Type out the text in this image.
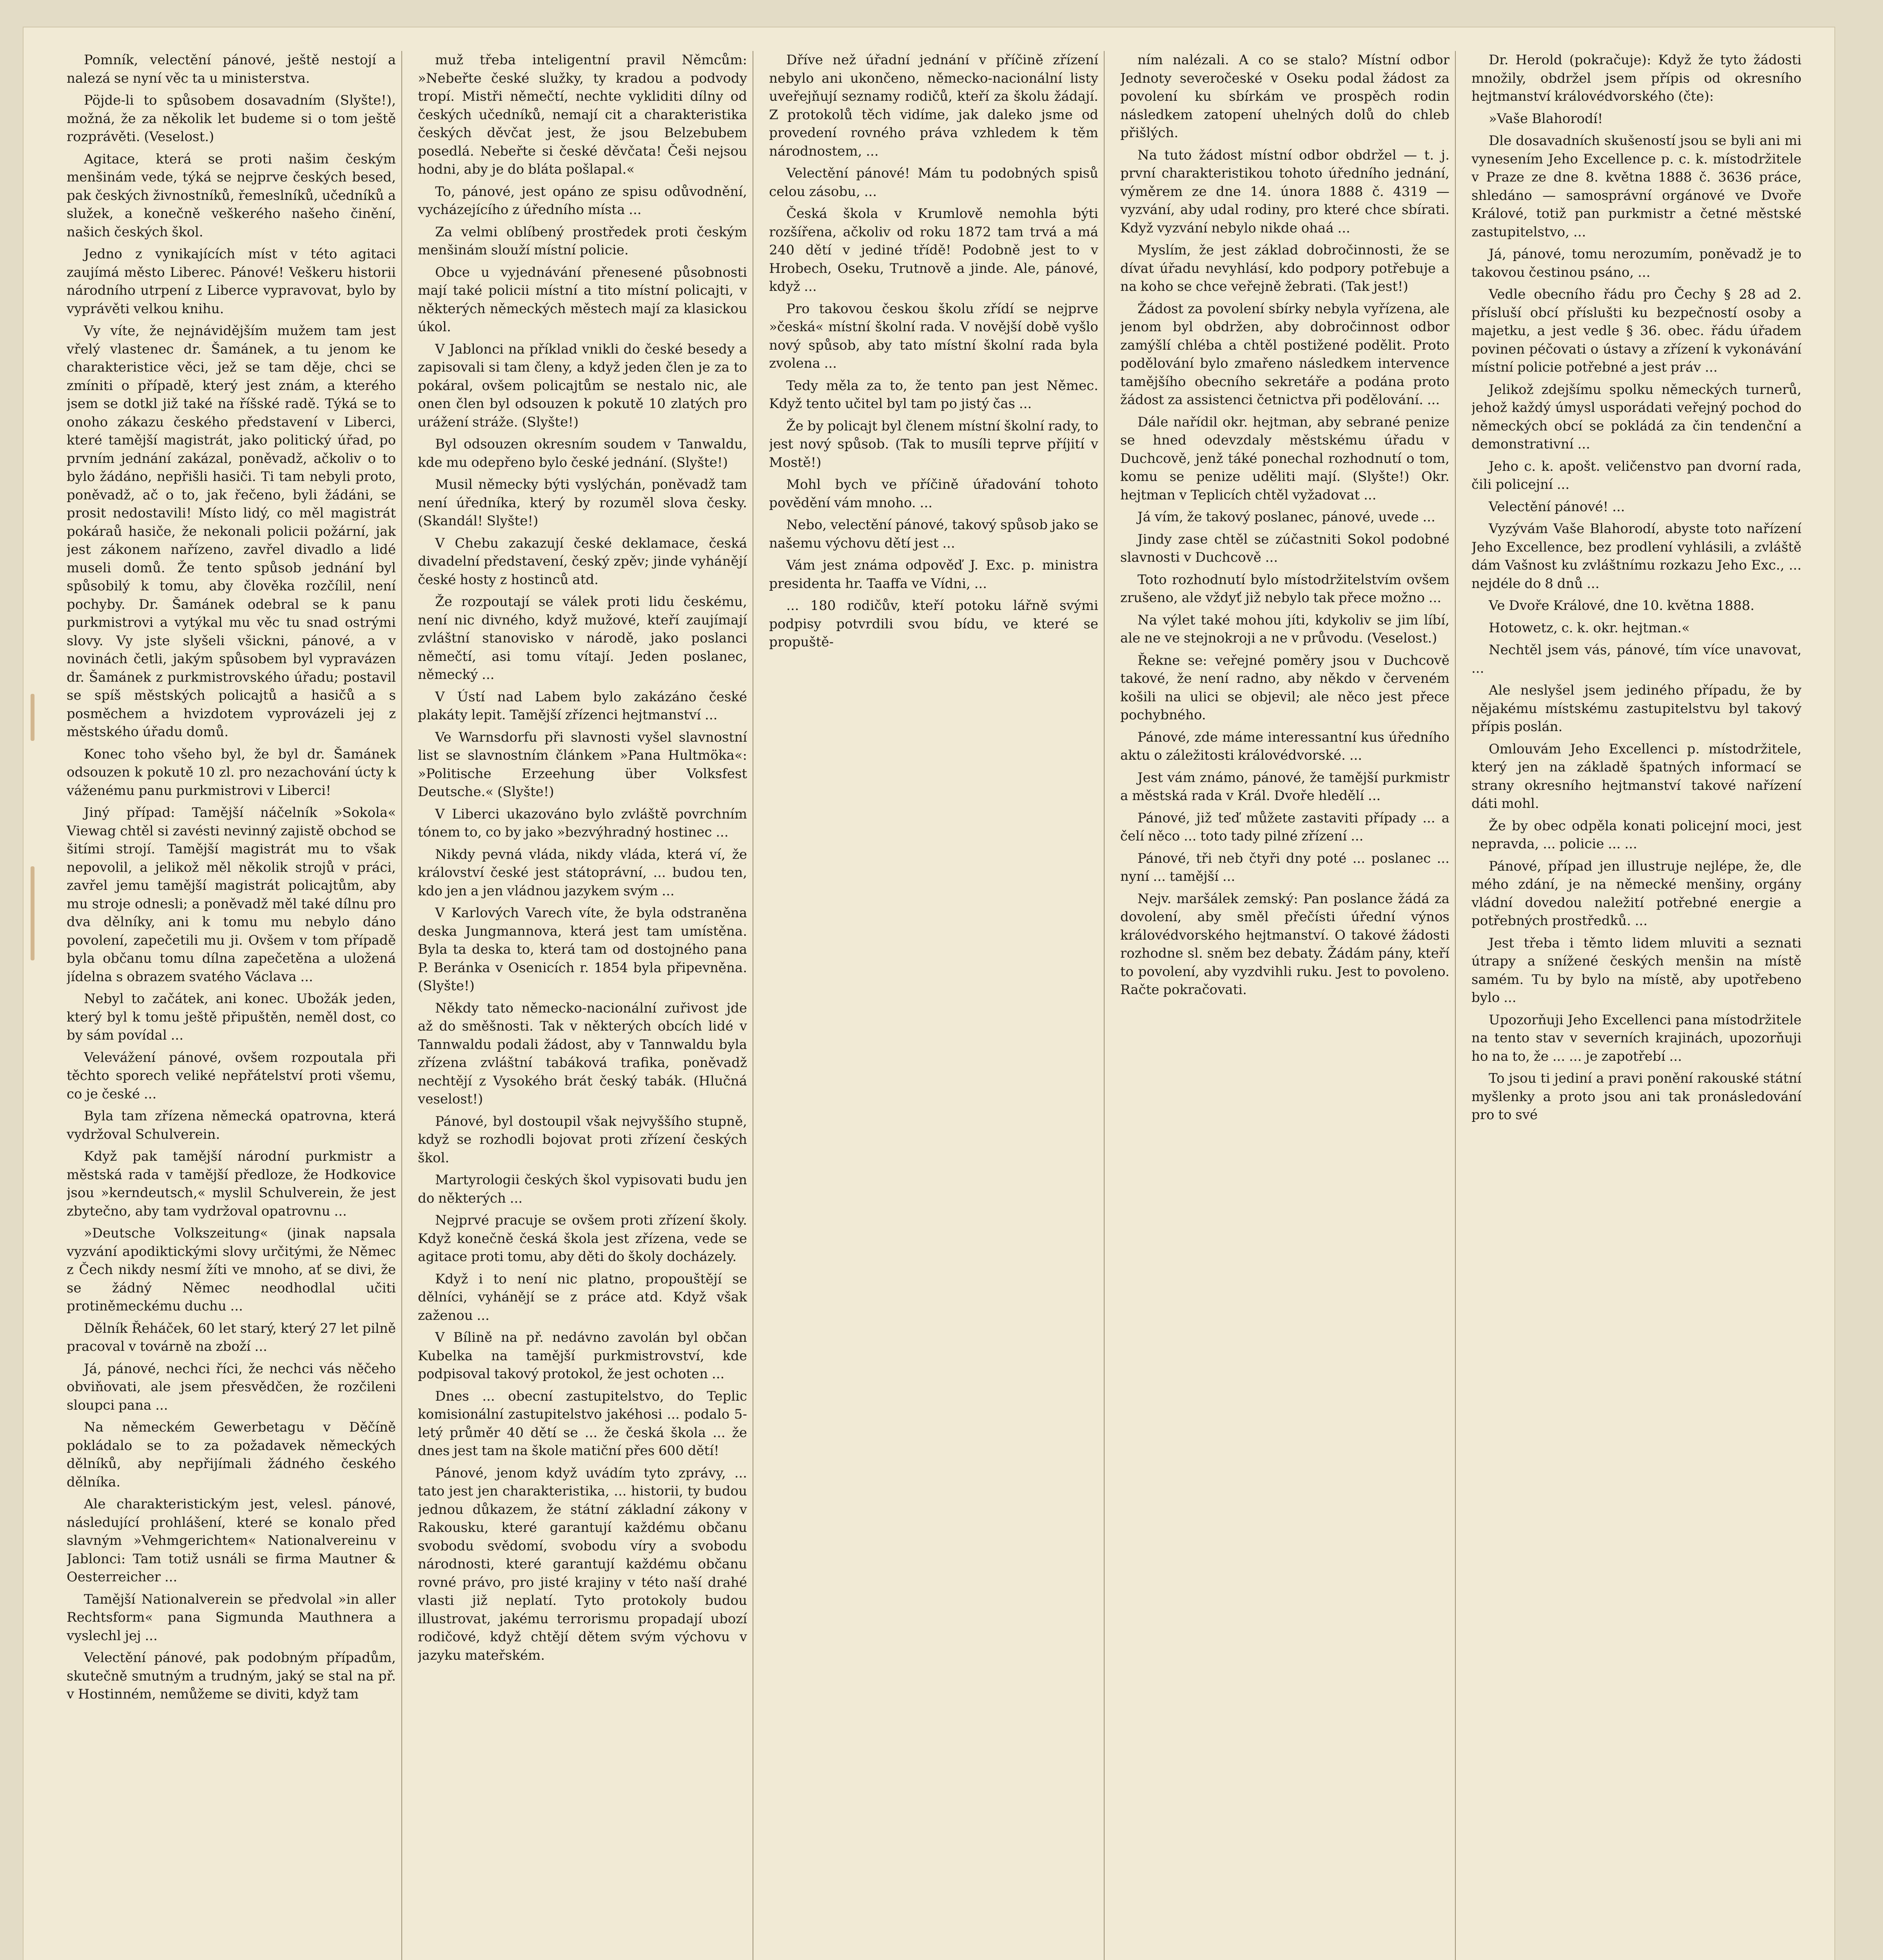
Pomník, velectění pánové, ještě nestojí a nalezá se nyní věc ta u ministerstva.

Pöjde-li to spůsobem dosavadním (Slyšte!), možná, že za několik let budeme si o tom ještě rozprávěti. (Veselost.)

Agitace, která se proti našim českým menšinám vede, týká se nejprve českých besed, pak českých živnostníků, řemeslníků, učedníků a služek, a konečně veškerého našeho činění, našich českých škol.

Jedno z vynikajících míst v této agitaci zaujímá město Liberec. Pánové! Veškeru historii národního utrpení z Liberce vypravovat, bylo by vyprávěti velkou knihu.

Vy víte, že nejnávidějším mužem tam jest vřelý vlastenec dr. Šamánek, a tu jenom ke charakteristice věci, jež se tam děje, chci se zmíniti o případě, který jest znám, a kterého jsem se dotkl již také na říšské radě. Týká se to onoho zákazu českého představení v Liberci, které tamější magistrát, jako politický úřad, po prvním jednání zakázal, poněvadž, ačkoliv o to bylo žádáno, nepřišli hasiči. Ti tam nebyli proto, poněvadž, ač o to, jak řečeno, byli žádáni, se prosit nedostavili! Místo lidý, co měl magistrát pokáraů hasiče, že nekonali policii požární, jak jest zákonem nařízeno, zavřel divadlo a lidé museli domů. Že tento spůsob jednání byl spůsobilý k tomu, aby člověka rozčílil, není pochyby. Dr. Šamánek odebral se k panu purkmistrovi a vytýkal mu věc tu snad ostrými slovy. Vy jste slyšeli všickni, pánové, a v novinách četli, jakým spůsobem byl vypravázen dr. Šamánek z purkmistrovského úřadu; postavil se spíš městských policajtů a hasičů a s posměchem a hvizdotem vyprovázeli jej z městského úřadu domů.

Konec toho všeho byl, že byl dr. Šamánek odsouzen k pokutě 10 zl. pro nezachování úcty k váženému panu purkmistrovi v Liberci!

Jiný případ: Tamější náčelník »Sokola« Viewag chtěl si zavésti nevinný zajistě obchod se šitími strojí. Tamější magistrát mu to však nepovolil, a jelikož měl několik strojů v práci, zavřel jemu tamější magistrát policajtům, aby mu stroje odnesli; a poněvadž měl také dílnu pro dva dělníky, ani k tomu mu nebylo dáno povolení, zapečetili mu ji. Ovšem v tom případě byla občanu tomu dílna zapečetěna a uložená jídelna s obrazem svatého Václava ...

Nebyl to začátek, ani konec. Ubožák jeden, který byl k tomu ještě připuštěn, neměl dost, co by sám povídal ...

Velevážení pánové, ovšem rozpoutala při těchto sporech veliké nepřátelství proti všemu, co je české ...

Byla tam zřízena německá opatrovna, která vydržoval Schulverein.

Když pak tamější národní purkmistr a městská rada v tamější předloze, že Hodkovice jsou »kerndeutsch,« myslil Schulverein, že jest zbytečno, aby tam vydržoval opatrovnu ...

»Deutsche Volkszeitung« (jinak napsala vyzvání apodiktickými slovy určitými, že Němec z Čech nikdy nesmí žíti ve mnoho, ať se divi, že se žádný Němec neodhodlal učiti protiněmeckému duchu ...

Dělník Řeháček, 60 let starý, který 27 let pilně pracoval v továrně na zboží ...

Já, pánové, nechci říci, že nechci vás něčeho obviňovati, ale jsem přesvědčen, že rozčileni sloupci pana ...

Na německém Gewerbetagu v Děčíně pokládalo se to za požadavek německých dělníků, aby nepřijímali žádného českého dělníka.

Ale charakteristickým jest, velesl. pánové, následující prohlášení, které se konalo před slavným »Vehmgerichtem« Nationalvereinu v Jablonci: Tam totiž usnáli se firma Mautner & Oesterreicher ...

Tamější Nationalverein se předvolal »in aller Rechtsform« pana Sigmunda Mauthnera a vyslechl jej ...

Velectění pánové, pak podobným případům, skutečně smutným a trudným, jaký se stal na př. v Hostinném, nemůžeme se diviti, když tam

muž třeba inteligentní pravil Němcům: »Nebeřte české služky, ty kradou a podvody tropí. Mistři němečtí, nechte vykliditi dílny od českých učedníků, nemají cit a charakteristika českých děvčat jest, že jsou Belzebubem posedlá. Nebeřte si české děvčata! Češi nejsou hodni, aby je do bláta pošlapal.«

To, pánové, jest opáno ze spisu odůvodnění, vycházejícího z úředního místa ...

Za velmi oblíbený prostředek proti českým menšinám slouží místní policie.

Obce u vyjednávání přenesené působnosti mají také policii místní a tito místní policajti, v některých německých městech mají za klasickou úkol.

V Jablonci na příklad vnikli do české besedy a zapisovali si tam členy, a když jeden člen je za to pokáral, ovšem policajtům se nestalo nic, ale onen člen byl odsouzen k pokutě 10 zlatých pro urážení stráže. (Slyšte!)

Byl odsouzen okresním soudem v Tanwaldu, kde mu odepřeno bylo české jednání. (Slyšte!)

Musil německy býti vyslýchán, poněvadž tam není úředníka, který by rozuměl slova česky. (Skandál! Slyšte!)

V Chebu zakazují české deklamace, česká divadelní představení, český zpěv; jinde vyhánějí české hosty z hostinců atd.

Že rozpoutají se válek proti lidu českému, není nic divného, když mužové, kteří zaujímají zvláštní stanovisko v národě, jako poslanci němečtí, asi tomu vítají. Jeden poslanec, německý ...

V Ústí nad Labem bylo zakázáno české plakáty lepit. Tamější zřízenci hejtmanství ...

Ve Warnsdorfu při slavnosti vyšel slavnostní list se slavnostním článkem »Pana Hultmöka«: »Politische Erzeehung über Volksfest Deutsche.« (Slyšte!)

V Liberci ukazováno bylo zvláště povrchním tónem to, co by jako »bezvýhradný hostinec ...

Nikdy pevná vláda, nikdy vláda, která ví, že království české jest státoprávní, ... budou ten, kdo jen a jen vládnou jazykem svým ...

V Karlových Varech víte, že byla odstraněna deska Jungmannova, která jest tam umístěna. Byla ta deska to, která tam od dostojného pana P. Beránka v Osenicích r. 1854 byla připevněna. (Slyšte!)

Někdy tato německo-nacionální zuřivost jde až do směšnosti. Tak v některých obcích lidé v Tannwaldu podali žádost, aby v Tannwaldu byla zřízena zvláštní tabáková trafika, poněvadž nechtějí z Vysokého brát český tabák. (Hlučná veselost!)

Pánové, byl dostoupil však nejvyššího stupně, když se rozhodli bojovat proti zřízení českých škol.

Martyrologii českých škol vypisovati budu jen do některých ...

Nejprvé pracuje se ovšem proti zřízení školy. Když konečně česká škola jest zřízena, vede se agitace proti tomu, aby děti do školy docházely.

Když i to není nic platno, propouštějí se dělníci, vyhánějí se z práce atd. Když však zaženou ...

V Bílině na př. nedávno zavolán byl občan Kubelka na tamější purkmistrovství, kde podpisoval takový protokol, že jest ochoten ...

Dnes ... obecní zastupitelstvo, do Teplic komisionální zastupitelstvo jakéhosi ... podalo 5-letý průměr 40 dětí se ... že česká škola ... že dnes jest tam na škole matiční přes 600 dětí!

Pánové, jenom když uvádím tyto zprávy, ... tato jest jen charakteristika, ... historii, ty budou jednou důkazem, že státní základní zákony v Rakousku, které garantují každému občanu svobodu svědomí, svobodu víry a svobodu národnosti, které garantují každému občanu rovné právo, pro jisté krajiny v této naší drahé vlasti již neplatí. Tyto protokoly budou illustrovat, jakému terrorismu propadají ubozí rodičové, když chtějí dětem svým výchovu v jazyku mateřském.

Dříve než úřadní jednání v příčině zřízení nebylo ani ukončeno, německo-nacionální listy uveřejňují seznamy rodičů, kteří za školu žádají. Z protokolů těch vidíme, jak daleko jsme od provedení rovného práva vzhledem k těm národnostem, ...

Velectění pánové! Mám tu podobných spisů celou zásobu, ...

Česká škola v Krumlově nemohla býti rozšířena, ačkoliv od roku 1872 tam trvá a má 240 dětí v jediné třídě! Podobně jest to v Hrobech, Oseku, Trutnově a jinde. Ale, pánové, když ...

Pro takovou českou školu zřídí se nejprve »česká« místní školní rada. V novější době vyšlo nový spůsob, aby tato místní školní rada byla zvolena ...

Tedy měla za to, že tento pan jest Němec. Když tento učitel byl tam po jistý čas ...

Že by policajt byl členem místní školní rady, to jest nový spůsob. (Tak to musíli teprve příjití v Mostě!)

Mohl bych ve příčině úřadování tohoto povědění vám mnoho. ...

Nebo, velectění pánové, takový spůsob jako se našemu výchovu dětí jest ...

Vám jest známa odpověď J. Exc. p. ministra presidenta hr. Taaffa ve Vídni, ...

... 180 rodičův, kteří potoku lářně svými podpisy potvrdili svou bídu, ve které se propuště-

ním nalézali. A co se stalo? Místní odbor Jednoty severočeské v Oseku podal žádost za povolení ku sbírkám ve prospěch rodin následkem zatopení uhelných dolů do chleb přišlých.

Na tuto žádost místní odbor obdržel — t. j. první charakteristikou tohoto úředního jednání, výměrem ze dne 14. února 1888 č. 4319 — vyzvání, aby udal rodiny, pro které chce sbírati. Když vyzvání nebylo nikde ohaá ...

Myslím, že jest základ dobročinnosti, že se dívat úřadu nevyhlásí, kdo podpory potřebuje a na koho se chce veřejně žebrati. (Tak jest!)

Žádost za povolení sbírky nebyla vyřízena, ale jenom byl obdržen, aby dobročinnost odbor zamýšlí chléba a chtěl postižené podělit. Proto podělování bylo zmařeno následkem intervence tamějšího obecního sekretáře a podána proto žádost za assistenci četnictva při podělování. ...

Dále nařídil okr. hejtman, aby sebrané penize se hned odevzdaly městskému úřadu v Duchcově, jenž táké ponechal rozhodnutí o tom, komu se penize uděliti mají. (Slyšte!) Okr. hejtman v Teplicích chtěl vyžadovat ...

Já vím, že takový poslanec, pánové, uvede ...

Jindy zase chtěl se zúčastniti Sokol podobné slavnosti v Duchcově ...

Toto rozhodnutí bylo místodržitelstvím ovšem zrušeno, ale vždyť již nebylo tak přece možno ...

Na výlet také mohou jíti, kdykoliv se jim líbí, ale ne ve stejnokroji a ne v průvodu. (Veselost.)

Řekne se: veřejné poměry jsou v Duchcově takové, že není radno, aby někdo v červeném košili na ulici se objevil; ale něco jest přece pochybného.

Pánové, zde máme interessantní kus úředního aktu o záležitosti královédvorské. ...

Jest vám známo, pánové, že tamější purkmistr a městská rada v Král. Dvoře hledělí ...

Pánové, již teď můžete zastaviti případy ... a čelí něco ... toto tady pilné zřízení ...

Pánové, tři neb čtyři dny poté ... poslanec ... nyní ... tamější ...

Nejv. maršálek zemský: Pan poslance žádá za dovolení, aby směl přečísti úřední výnos královédvorského hejtmanství. O takové žádosti rozhodne sl. sněm bez debaty. Žádám pány, kteří to povolení, aby vyzdvihli ruku. Jest to povoleno. Račte pokračovati.

Dr. Herold (pokračuje): Když že tyto žádosti množily, obdržel jsem přípis od okresního hejtmanství královédvorského (čte):

»Vaše Blahorodí!

Dle dosavadních skušeností jsou se byli ani mi vynesením Jeho Excellence p. c. k. místodržitele v Praze ze dne 8. května 1888 č. 3636 práce, shledáno — samosprávní orgánové ve Dvoře Králové, totiž pan purkmistr a četné městské zastupitelstvo, ...

Já, pánové, tomu nerozumím, poněvadž je to takovou čestinou psáno, ...

Vedle obecního řádu pro Čechy § 28 ad 2. přísluší obcí příslušti ku bezpečností osoby a majetku, a jest vedle § 36. obec. řádu úřadem povinen péčovati o ústavy a zřízení k vykonávání místní policie potřebné a jest práv ...

Jelikož zdejšímu spolku německých turnerů, jehož každý úmysl usporádati veřejný pochod do německých obcí se pokládá za čin tendenční a demonstrativní ...

Jeho c. k. apošt. veličenstvo pan dvorní rada, čili policejní ...

Velectění pánové! ...

Vyzývám Vaše Blahorodí, abyste toto nařízení Jeho Excellence, bez prodlení vyhlásili, a zvláště dám Vašnost ku zvláštnímu rozkazu Jeho Exc., ... nejdéle do 8 dnů ...

Ve Dvoře Králové, dne 10. května 1888.

Hotowetz, c. k. okr. hejtman.«

Nechtěl jsem vás, pánové, tím více unavovat, ...

Ale neslyšel jsem jediného případu, že by nějakému místskému zastupitelstvu byl takový přípis poslán.

Omlouvám Jeho Excellenci p. místodržitele, který jen na základě špatných informací se strany okresního hejtmanství takové nařízení dáti mohl.

Že by obec odpěla konati policejní moci, jest nepravda, ... policie ... ...

Pánové, případ jen illustruje nejlépe, že, dle mého zdání, je na německé menšiny, orgány vládní dovedou naležití potřebné energie a potřebných prostředků. ...

Jest třeba i těmto lidem mluviti a seznati útrapy a snížené českých menšin na místě samém. Tu by bylo na místě, aby upotřebeno bylo ...

Upozorňuji Jeho Excellenci pana místodržitele na tento stav v severních krajinách, upozorňuji ho na to, že ... ... je zapotřebí ...

To jsou ti jediní a pravi ponění rakouské státní myšlenky a proto jsou ani tak pronásledování pro to své
